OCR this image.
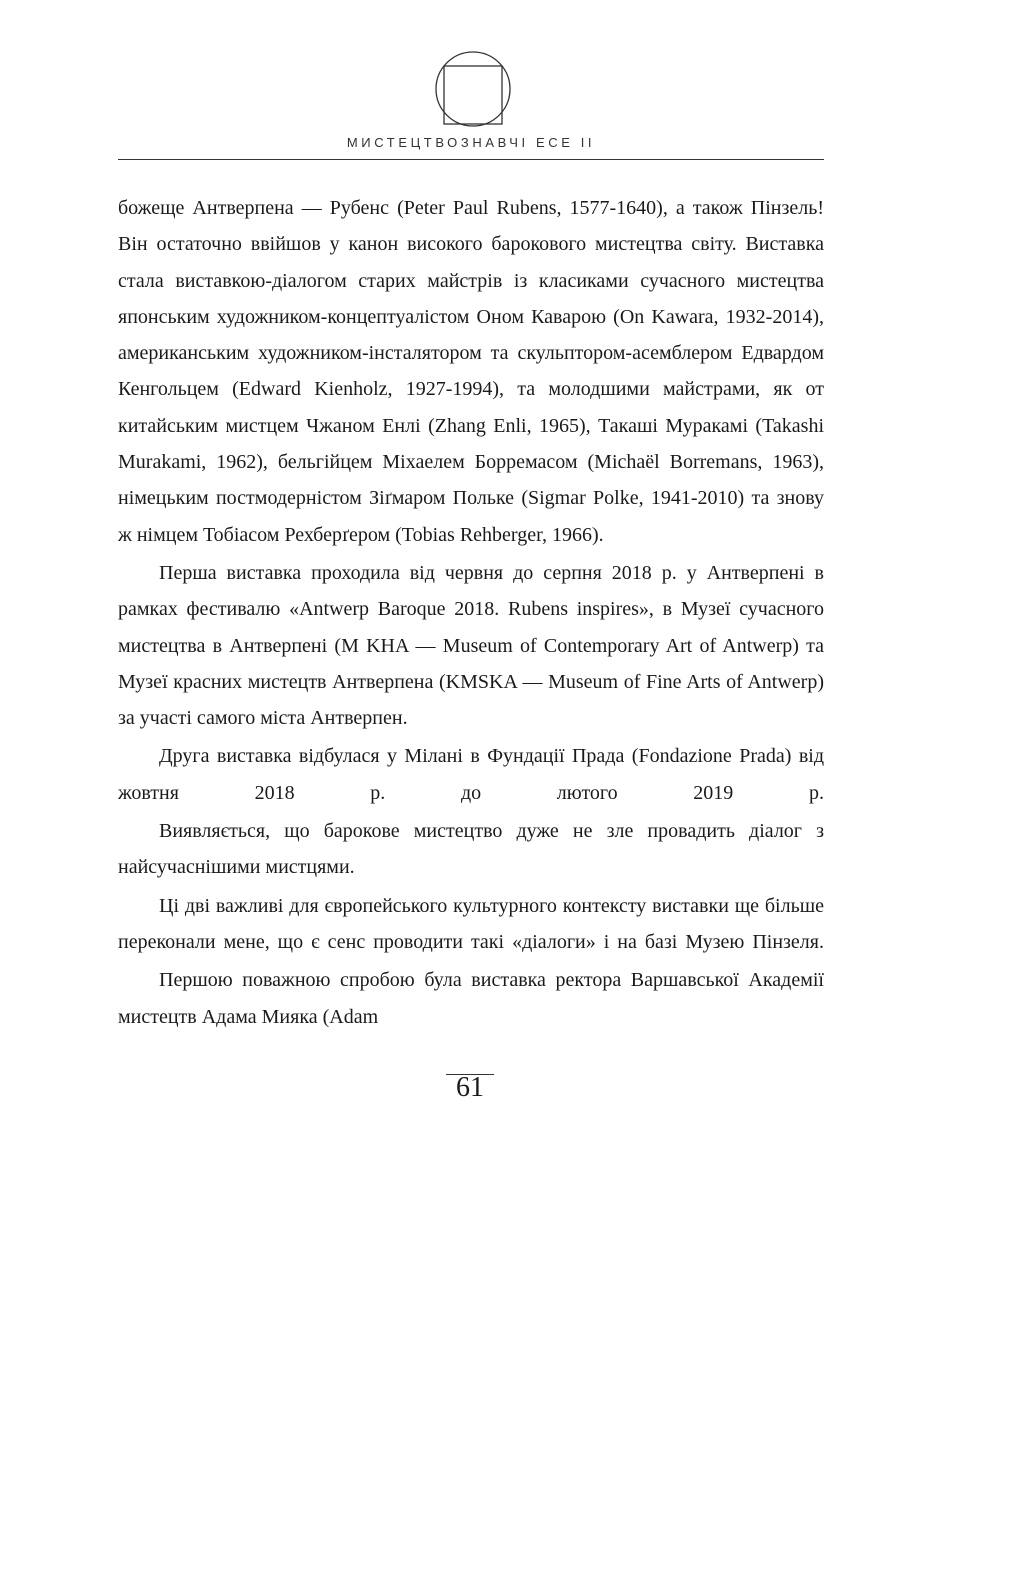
МИСТЕЦТВОЗНАВЧІ ЕСЕ ІІ

божеще Антверпена — Рубенс (Peter Paul Rubens, 1577-1640), а також Пінзель! Він остаточно ввійшов у канон високого барокового мистецтва світу. Виставка стала виставкою-діалогом старих майстрів із класиками сучасного мистецтва японським художником-концептуалістом Оном Каварою (On Kawara, 1932-2014), американським художником-інсталятором та скульптором-асемблером Едвардом Кенгольцем (Edward Kienholz, 1927-1994), та молодшими майстрами, як от китайським мистцем Чжаном Енлі (Zhang Enli, 1965), Такаші Муракамі (Takashi Murakami, 1962), бельгійцем Міхаелем Борремасом (Michaël Borremans, 1963), німецьким постмодерністом Зіґмаром Польке (Sigmar Polke, 1941-2010) та знову ж німцем Тобіасом Рехберґером (Tobias Rehberger, 1966).

Перша виставка проходила від червня до серпня 2018 р. у Антверпені в рамках фестивалю «Antwerp Baroque 2018. Rubens inspires», в Музеї сучасного мистецтва в Антверпені (M KHA — Museum of Contemporary Art of Antwerp) та Музеї красних мистецтв Антверпена (KMSKA — Museum of Fine Arts of Antwerp) за участі самого міста Антверпен.

Друга виставка відбулася у Мілані в Фундації Прада (Fondazione Prada) від жовтня 2018 р. до лютого 2019 р.

Виявляється, що барокове мистецтво дуже не зле провадить діалог з найсучаснішими мистцями.

Ці дві важливі для європейського культурного контексту виставки ще більше переконали мене, що є сенс проводити такі «діалоги» і на базі Музею Пінзеля.

Першою поважною спробою була виставка ректора Варшавської Академії мистецтв Адама Мияка (Adam

61
